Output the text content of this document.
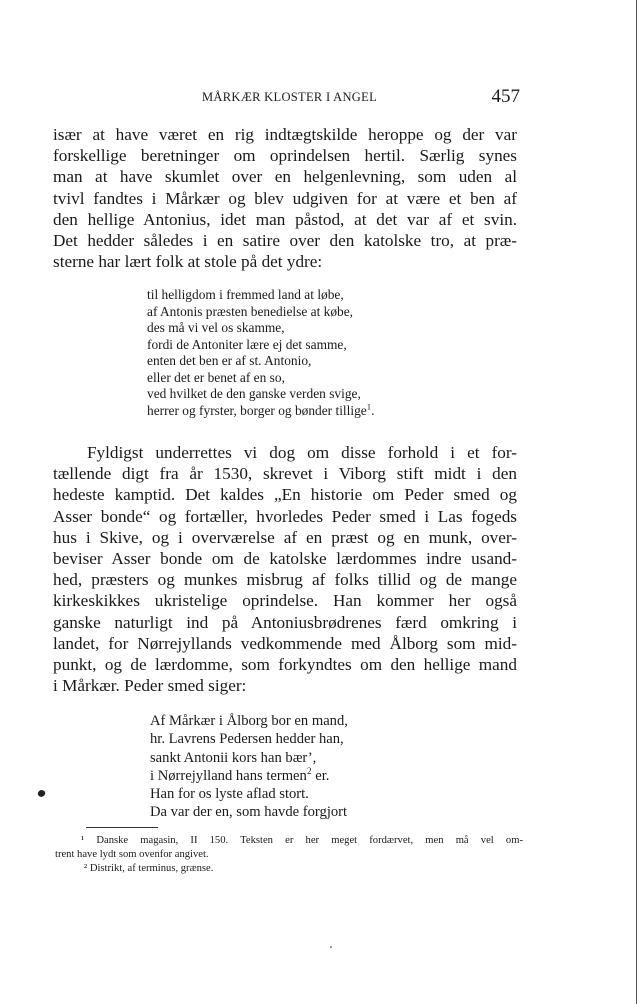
MÅRKÆR KLOSTER I ANGEL	457
især at have været en rig indtægtskilde heroppe og der var
forskellige beretninger om oprindelsen hertil. Særlig synes
man at have skumlet over en helgenlevning, som uden al
tvivl fandtes i Mårkær og blev udgiven for at være et ben af
den hellige Antonius, idet man påstod, at det var af et svin.
Det hedder således i en satire over den katolske tro, at præ-
sterne har lært folk at stole på det ydre:
til helligdom i fremmed land at løbe,
af Antonis præsten benedielse at købe,
des må vi vel os skamme,
fordi de Antoniter lære ej det samme,
enten det ben er af st. Antonio,
eller det er benet af en so,
ved hvilket de den ganske verden svige,
herrer og fyrster, borger og bønder tillige$^1$.
Fyldigst underrettes vi dog om disse forhold i et for-
tællende digt fra år 1530, skrevet i Viborg stift midt i den
hedeste kamptid. Det kaldes „En historie om Peder smed og
Asser bonde“ og fortæller, hvorledes Peder smed i Las fogeds
hus i Skive, og i overværelse af en præst og en munk, over-
beviser Asser bonde om de katolske lærdommes indre usand-
hed, præsters og munkes misbrug af folks tillid og de mange
kirkeskikkes ukristelige oprindelse. Han kommer her også
ganske naturligt ind på Antoniusbrødrenes færd omkring i
landet, for Nørrejyllands vedkommende med Ålborg som mid-
punkt, og de lærdomme, som forkyndtes om den hellige mand
i Mårkær. Peder smed siger:
Af Mårkær i Ålborg bor en mand,
hr. Lavrens Pedersen hedder han,
sankt Antonii kors han bær’,
i Nørrejylland hans termen$^2$ er.
Han for os lyste aflad stort.
Da var der en, som havde forgjort
¹ Danske magasin, II 150. Teksten er her meget fordærvet, men må vel om-
trent have lydt som ovenfor angivet.
² Distrikt, af terminus, grænse.
